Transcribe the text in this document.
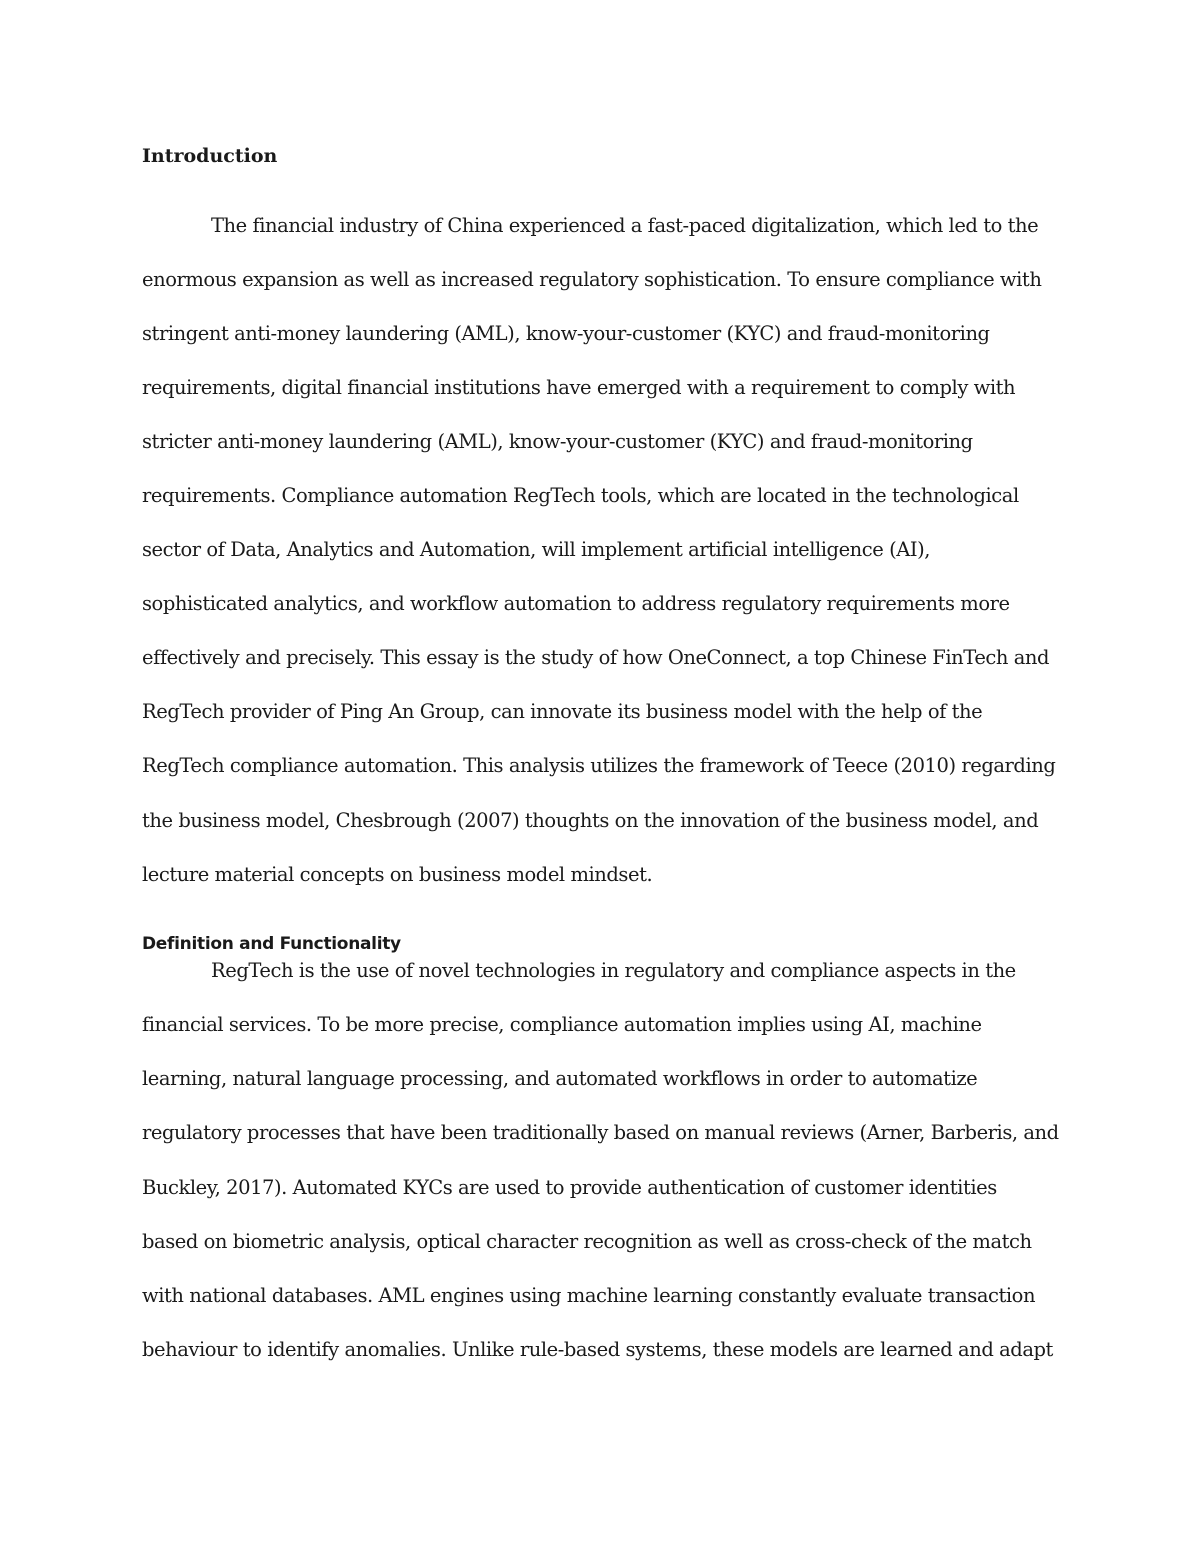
Introduction
The financial industry of China experienced a fast-paced digitalization, which led to the
enormous expansion as well as increased regulatory sophistication. To ensure compliance with
stringent anti-money laundering (AML), know-your-customer (KYC) and fraud-monitoring
requirements, digital financial institutions have emerged with a requirement to comply with
stricter anti-money laundering (AML), know-your-customer (KYC) and fraud-monitoring
requirements. Compliance automation RegTech tools, which are located in the technological
sector of Data, Analytics and Automation, will implement artificial intelligence (AI),
sophisticated analytics, and workflow automation to address regulatory requirements more
effectively and precisely. This essay is the study of how OneConnect, a top Chinese FinTech and
RegTech provider of Ping An Group, can innovate its business model with the help of the
RegTech compliance automation. This analysis utilizes the framework of Teece (2010) regarding
the business model, Chesbrough (2007) thoughts on the innovation of the business model, and
lecture material concepts on business model mindset.
Definition and Functionality
RegTech is the use of novel technologies in regulatory and compliance aspects in the
financial services. To be more precise, compliance automation implies using AI, machine
learning, natural language processing, and automated workflows in order to automatize
regulatory processes that have been traditionally based on manual reviews (Arner, Barberis, and
Buckley, 2017). Automated KYCs are used to provide authentication of customer identities
based on biometric analysis, optical character recognition as well as cross-check of the match
with national databases. AML engines using machine learning constantly evaluate transaction
behaviour to identify anomalies. Unlike rule-based systems, these models are learned and adapt
